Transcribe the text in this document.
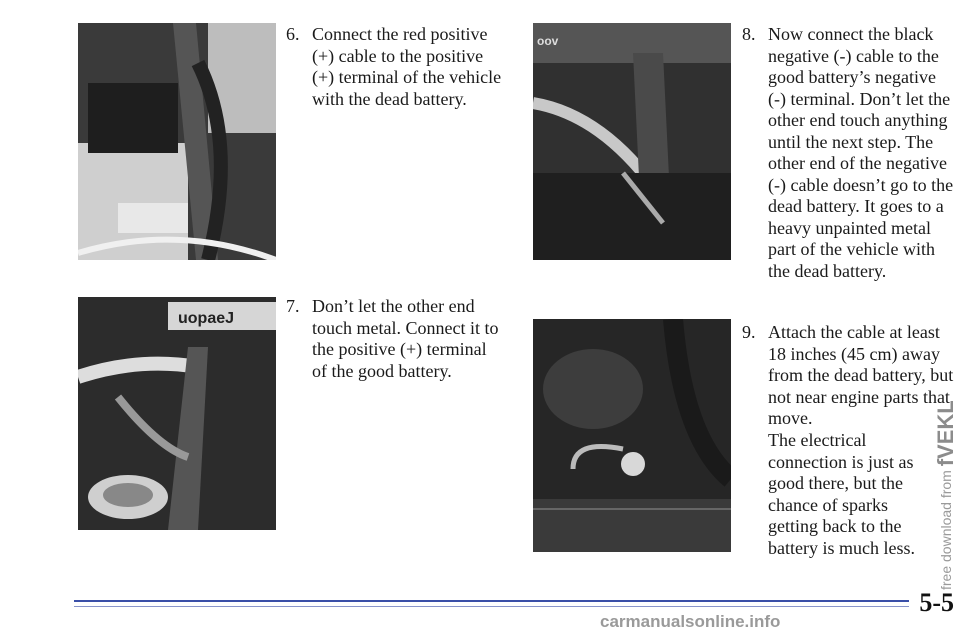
uopaeJ
ооv
6. Connect the red positive (+) cable to the positive (+) terminal of the vehicle with the dead battery.
7. Don’t let the other end touch metal. Connect it to the positive (+) terminal of the good battery.
8. Now connect the black negative (-) cable to the good battery’s negative (-) terminal. Don’t let the other end touch anything until the next step. The other end of the negative (-) cable doesn’t go to the dead battery. It goes to a heavy unpainted metal part of the vehicle with the dead battery.
9. Attach the cable at least 18 inches (45 cm) away from the dead battery, but not near engine parts that move.
The electrical connection is just as good there, but the chance of sparks getting back to the battery is much less.
5-5
free download from fVEKL
carmanualsonline.info
